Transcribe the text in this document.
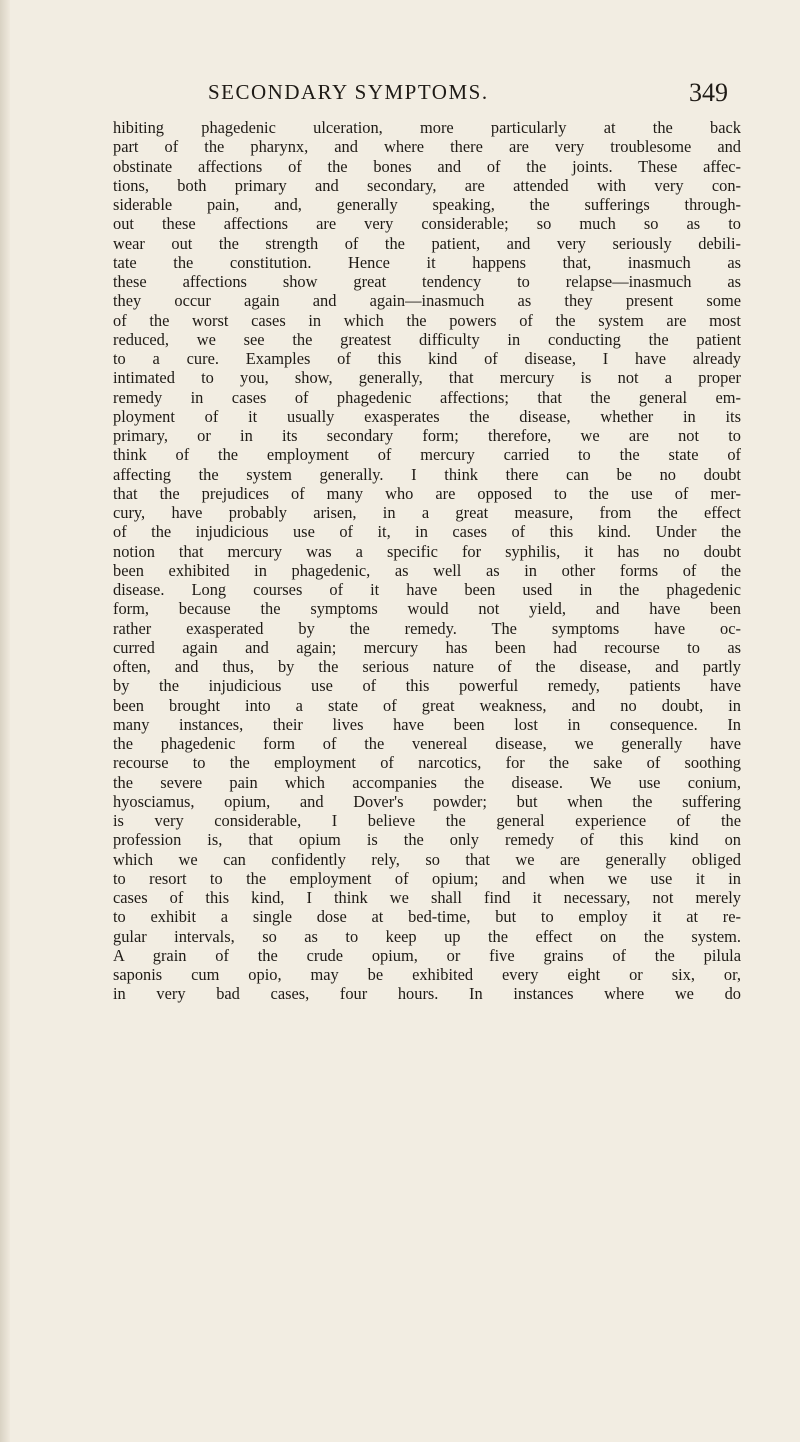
SECONDARY SYMPTOMS.	349
hibiting phagedenic ulceration, more particularly at the back
part of the pharynx, and where there are very troublesome and
obstinate affections of the bones and of the joints. These affec-
tions, both primary and secondary, are attended with very con-
siderable pain, and, generally speaking, the sufferings through-
out these affections are very considerable; so much so as to
wear out the strength of the patient, and very seriously debili-
tate the constitution. Hence it happens that, inasmuch as
these affections show great tendency to relapse—inasmuch as
they occur again and again—inasmuch as they present some
of the worst cases in which the powers of the system are most
reduced, we see the greatest difficulty in conducting the patient
to a cure. Examples of this kind of disease, I have already
intimated to you, show, generally, that mercury is not a proper
remedy in cases of phagedenic affections; that the general em-
ployment of it usually exasperates the disease, whether in its
primary, or in its secondary form; therefore, we are not to
think of the employment of mercury carried to the state of
affecting the system generally. I think there can be no doubt
that the prejudices of many who are opposed to the use of mer-
cury, have probably arisen, in a great measure, from the effect
of the injudicious use of it, in cases of this kind. Under the
notion that mercury was a specific for syphilis, it has no doubt
been exhibited in phagedenic, as well as in other forms of the
disease. Long courses of it have been used in the phagedenic
form, because the symptoms would not yield, and have been
rather exasperated by the remedy. The symptoms have oc-
curred again and again; mercury has been had recourse to as
often, and thus, by the serious nature of the disease, and partly
by the injudicious use of this powerful remedy, patients have
been brought into a state of great weakness, and no doubt, in
many instances, their lives have been lost in consequence. In
the phagedenic form of the venereal disease, we generally have
recourse to the employment of narcotics, for the sake of soothing
the severe pain which accompanies the disease. We use conium,
hyosciamus, opium, and Dover's powder; but when the suffering
is very considerable, I believe the general experience of the
profession is, that opium is the only remedy of this kind on
which we can confidently rely, so that we are generally obliged
to resort to the employment of opium; and when we use it in
cases of this kind, I think we shall find it necessary, not merely
to exhibit a single dose at bed-time, but to employ it at re-
gular intervals, so as to keep up the effect on the system.
A grain of the crude opium, or five grains of the pilula
saponis cum opio, may be exhibited every eight or six, or,
in very bad cases, four hours. In instances where we do
